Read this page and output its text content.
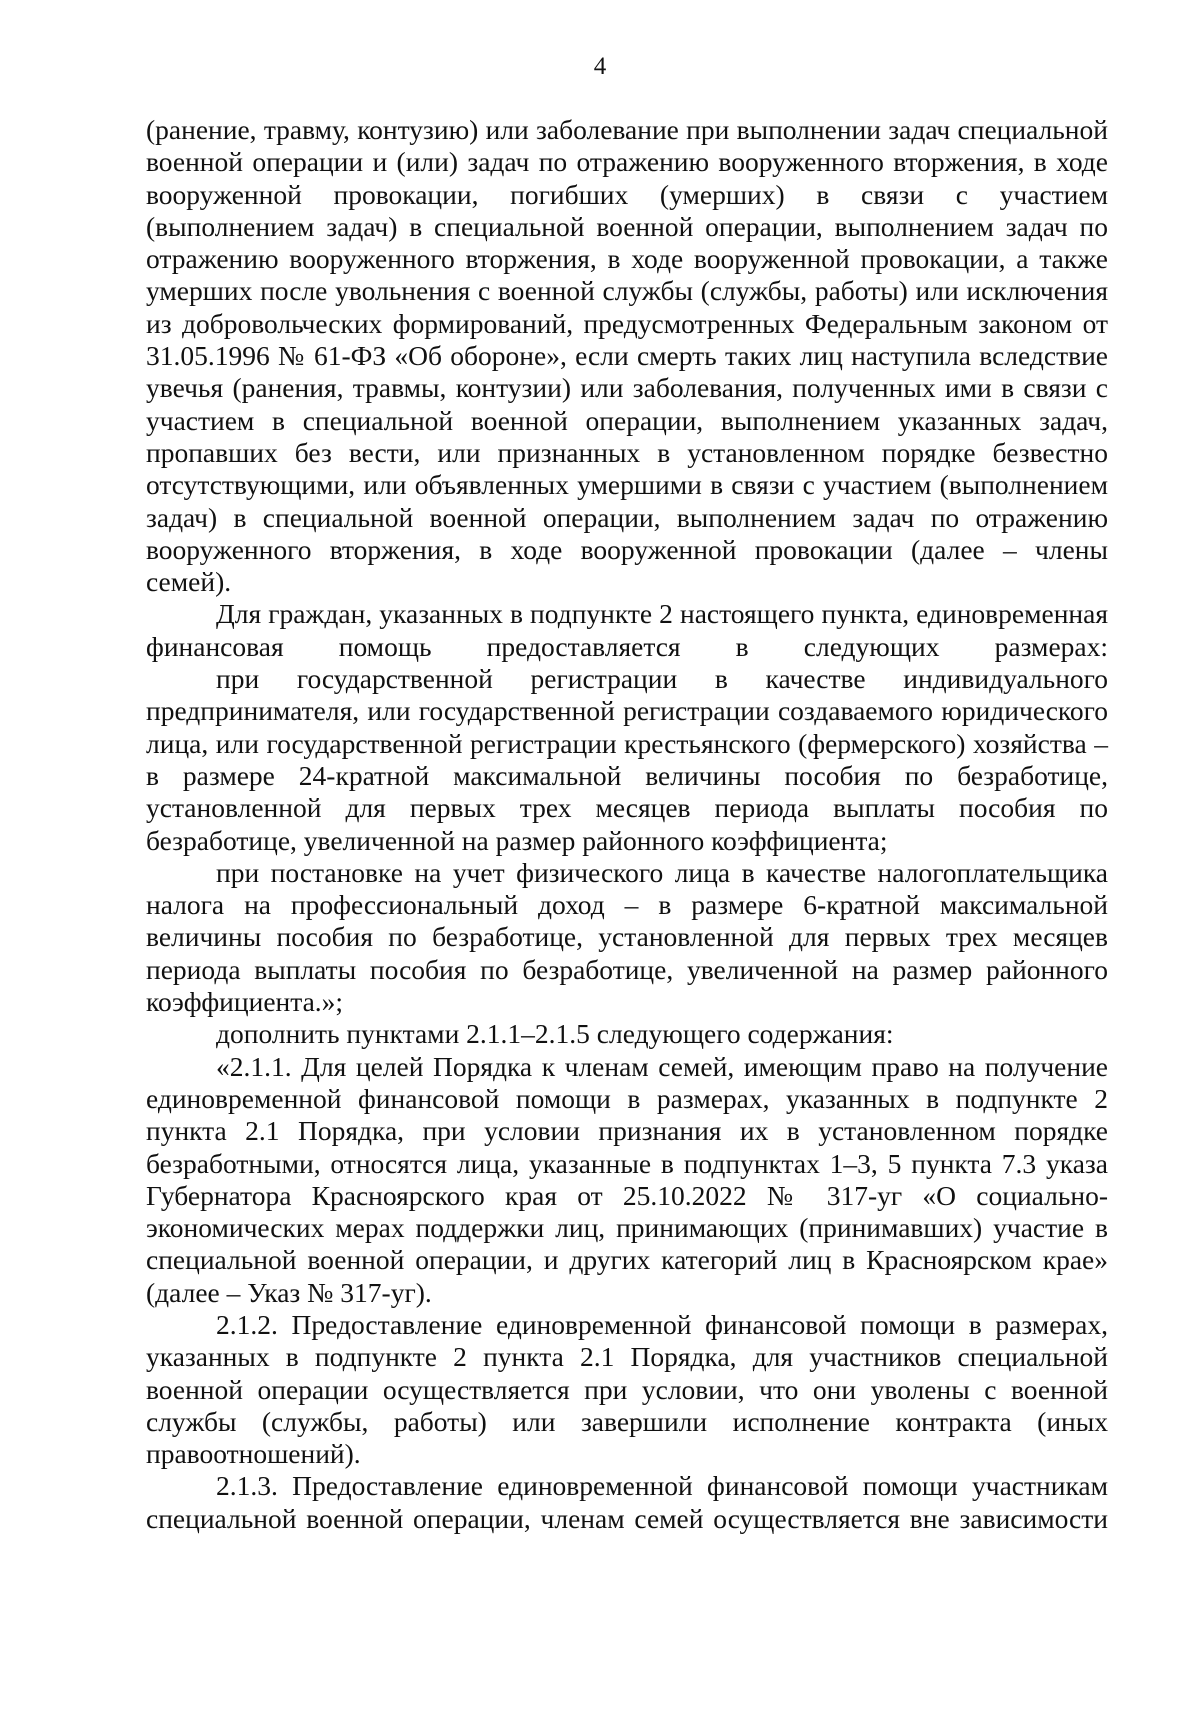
4

(ранение, травму, контузию) или заболевание при выполнении задач специальной военной операции и (или) задач по отражению вооруженного вторжения, в ходе вооруженной провокации, погибших (умерших) в связи с участием (выполнением задач) в специальной военной операции, выполнением задач по отражению вооруженного вторжения, в ходе вооруженной провокации, а также умерших после увольнения с военной службы (службы, работы) или исключения из добровольческих формирований, предусмотренных Федеральным законом от 31.05.1996 № 61-ФЗ «Об обороне», если смерть таких лиц наступила вследствие увечья (ранения, травмы, контузии) или заболевания, полученных ими в связи с участием в специальной военной операции, выполнением указанных задач, пропавших без вести, или признанных в установленном порядке безвестно отсутствующими, или объявленных умершими в связи с участием (выполнением задач) в специальной военной операции, выполнением задач по отражению вооруженного вторжения, в ходе вооруженной провокации (далее – члены семей).

Для граждан, указанных в подпункте 2 настоящего пункта, единовременная финансовая помощь предоставляется в следующих размерах:

при государственной регистрации в качестве индивидуального предпринимателя, или государственной регистрации создаваемого юридического лица, или государственной регистрации крестьянского (фермерского) хозяйства – в размере 24-кратной максимальной величины пособия по безработице, установленной для первых трех месяцев периода выплаты пособия по безработице, увеличенной на размер районного коэффициента;

при постановке на учет физического лица в качестве налогоплательщика налога на профессиональный доход – в размере 6-кратной максимальной величины пособия по безработице, установленной для первых трех месяцев периода выплаты пособия по безработице, увеличенной на размер районного коэффициента.»;

дополнить пунктами 2.1.1–2.1.5 следующего содержания:

«2.1.1. Для целей Порядка к членам семей, имеющим право на получение единовременной финансовой помощи в размерах, указанных в подпункте 2 пункта 2.1 Порядка, при условии признания их в установленном порядке безработными, относятся лица, указанные в подпунктах 1–3, 5 пункта 7.3 указа Губернатора Красноярского края от 25.10.2022 № 317-уг «О социально-экономических мерах поддержки лиц, принимающих (принимавших) участие в специальной военной операции, и других категорий лиц в Красноярском крае» (далее – Указ № 317-уг).

2.1.2. Предоставление единовременной финансовой помощи в размерах, указанных в подпункте 2 пункта 2.1 Порядка, для участников специальной военной операции осуществляется при условии, что они уволены с военной службы (службы, работы) или завершили исполнение контракта (иных правоотношений).

2.1.3. Предоставление единовременной финансовой помощи участникам специальной военной операции, членам семей осуществляется вне зависимости
